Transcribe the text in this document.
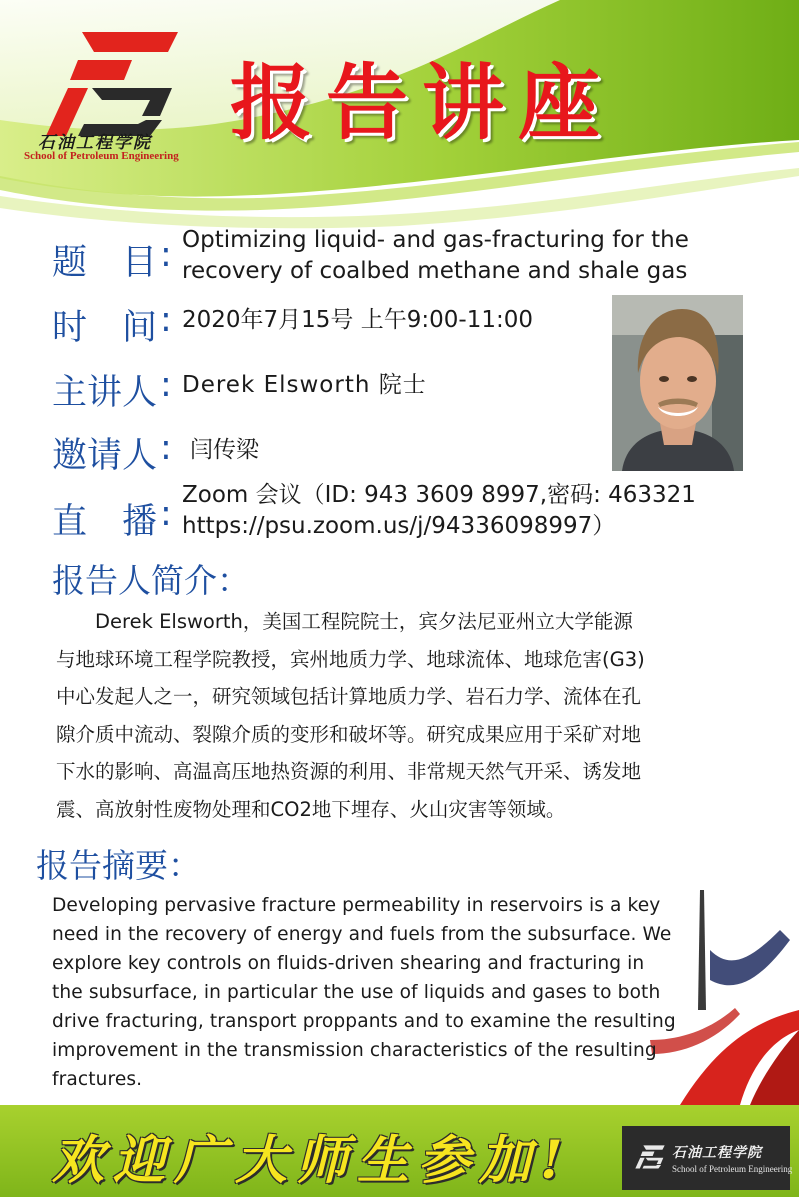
石油工程学院
School of Petroleum Engineering
报告讲座
题　目 : Optimizing liquid- and gas-fracturing for the
recovery of coalbed methane and shale gas
时　间 : 2020年7月15号 上午9:00-11:00
主讲人 : Derek Elsworth 院士
邀请人 : 闫传梁
直　播 : Zoom 会议（ID: 943 3609 8997,密码: 463321
https://psu.zoom.us/j/94336098997）
报告人简介：
　　Derek Elsworth，美国工程院院士，宾夕法尼亚州立大学能源
与地球环境工程学院教授，宾州地质力学、地球流体、地球危害(G3)
中心发起人之一，研究领域包括计算地质力学、岩石力学、流体在孔
隙介质中流动、裂隙介质的变形和破坏等。研究成果应用于采矿对地
下水的影响、高温高压地热资源的利用、非常规天然气开采、诱发地
震、高放射性废物处理和CO2地下埋存、火山灾害等领域。
报告摘要：
Developing pervasive fracture permeability in reservoirs is a key
need in the recovery of energy and fuels from the subsurface. We
explore key controls on fluids-driven shearing and fracturing in
the subsurface, in particular the use of liquids and gases to both
drive fracturing, transport proppants and to examine the resulting
improvement in the transmission characteristics of the resulting
fractures.
欢迎广大师生参加!	石油工程学院
School of Petroleum Engineering
